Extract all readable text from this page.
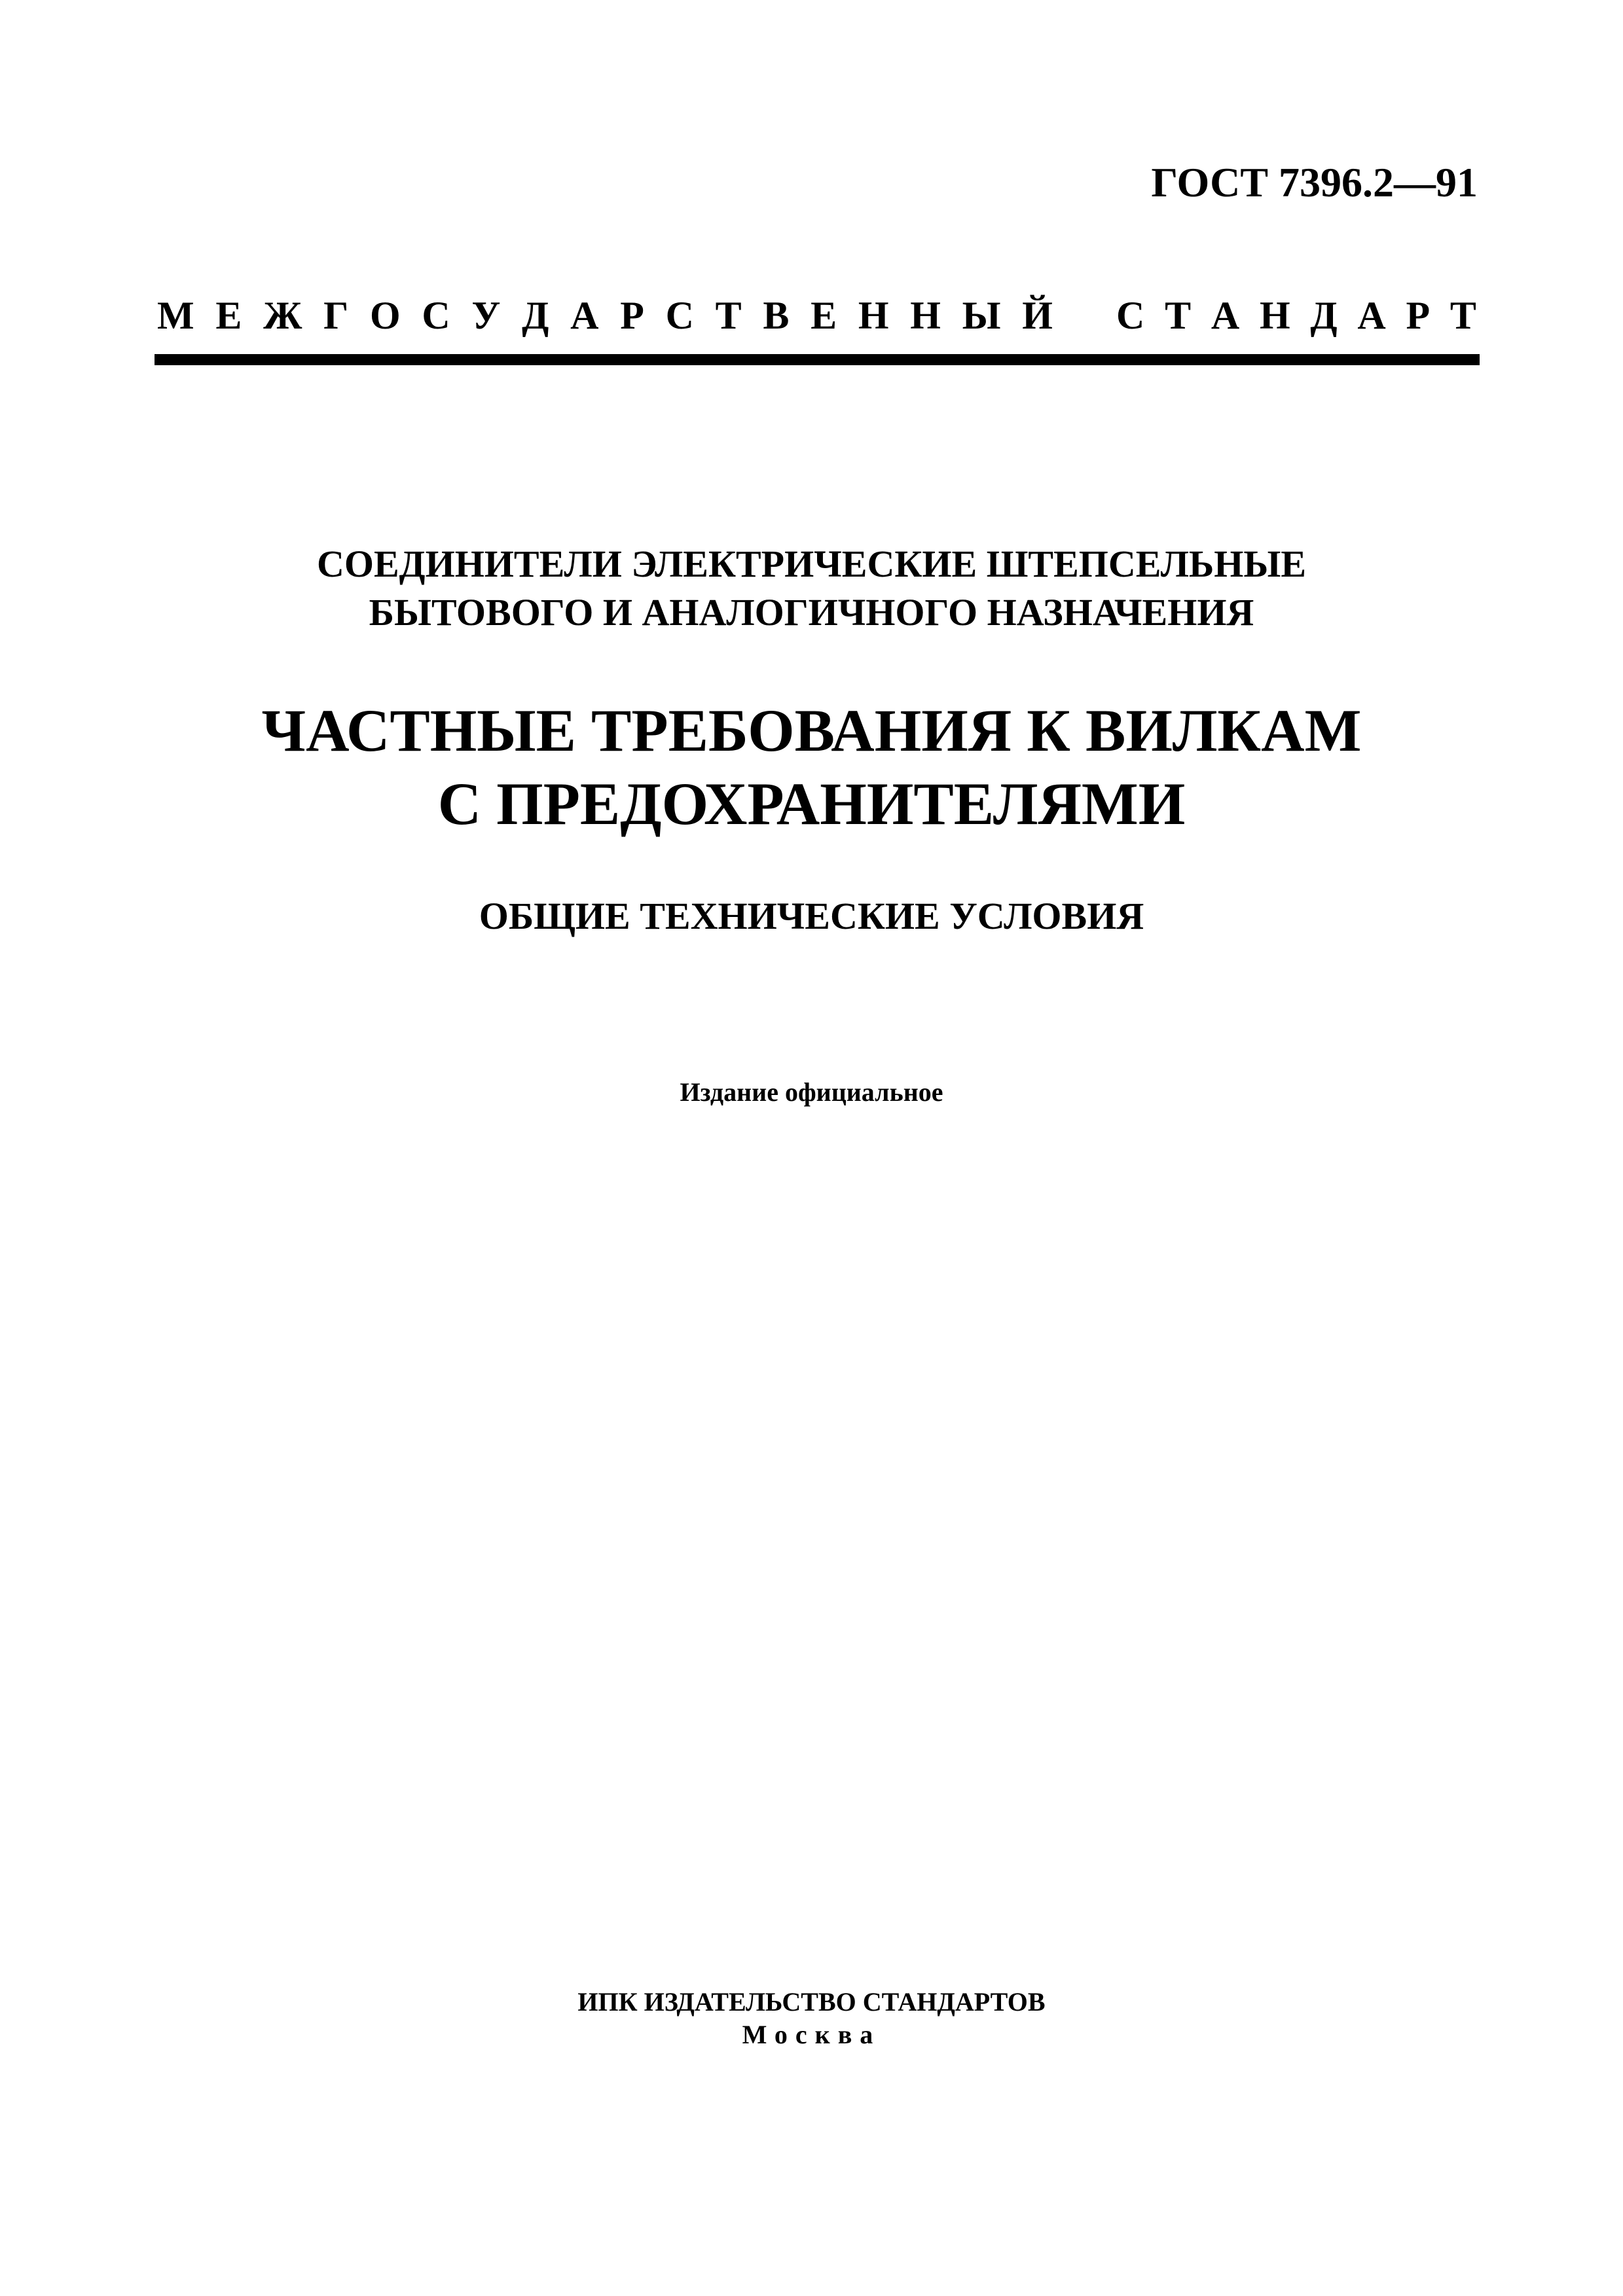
ГОСТ 7396.2—91
М Е Ж Г О С У Д А Р С Т В Е Н Н Ы Й С Т А Н Д А Р Т
СОЕДИНИТЕЛИ ЭЛЕКТРИЧЕСКИЕ ШТЕПСЕЛЬНЫЕ
БЫТОВОГО И АНАЛОГИЧНОГО НАЗНАЧЕНИЯ
ЧАСТНЫЕ ТРЕБОВАНИЯ К ВИЛКАМ
С ПРЕДОХРАНИТЕЛЯМИ
ОБЩИЕ ТЕХНИЧЕСКИЕ УСЛОВИЯ
Издание официальное
ИПК ИЗДАТЕЛЬСТВО СТАНДАРТОВ
Москва
